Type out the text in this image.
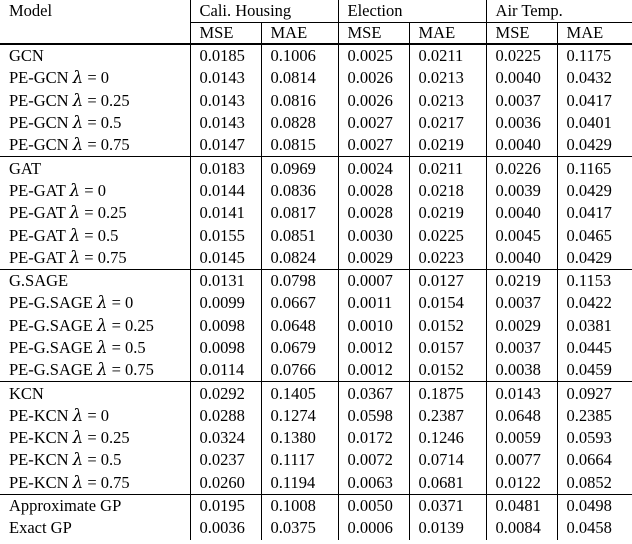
Model	Cali. Housing		Election		Air Temp.	
	MSE	MAE	MSE	MAE	MSE	MAE
GCN	0.0185	0.1006	0.0025	0.0211	0.0225	0.1175
PE-GCN λ = 0	0.0143	0.0814	0.0026	0.0213	0.0040	0.0432
PE-GCN λ = 0.25	0.0143	0.0816	0.0026	0.0213	0.0037	0.0417
PE-GCN λ = 0.5	0.0143	0.0828	0.0027	0.0217	0.0036	0.0401
PE-GCN λ = 0.75	0.0147	0.0815	0.0027	0.0219	0.0040	0.0429
GAT	0.0183	0.0969	0.0024	0.0211	0.0226	0.1165
PE-GAT λ = 0	0.0144	0.0836	0.0028	0.0218	0.0039	0.0429
PE-GAT λ = 0.25	0.0141	0.0817	0.0028	0.0219	0.0040	0.0417
PE-GAT λ = 0.5	0.0155	0.0851	0.0030	0.0225	0.0045	0.0465
PE-GAT λ = 0.75	0.0145	0.0824	0.0029	0.0223	0.0040	0.0429
G.SAGE	0.0131	0.0798	0.0007	0.0127	0.0219	0.1153
PE-G.SAGE λ = 0	0.0099	0.0667	0.0011	0.0154	0.0037	0.0422
PE-G.SAGE λ = 0.25	0.0098	0.0648	0.0010	0.0152	0.0029	0.0381
PE-G.SAGE λ = 0.5	0.0098	0.0679	0.0012	0.0157	0.0037	0.0445
PE-G.SAGE λ = 0.75	0.0114	0.0766	0.0012	0.0152	0.0038	0.0459
KCN	0.0292	0.1405	0.0367	0.1875	0.0143	0.0927
PE-KCN λ = 0	0.0288	0.1274	0.0598	0.2387	0.0648	0.2385
PE-KCN λ = 0.25	0.0324	0.1380	0.0172	0.1246	0.0059	0.0593
PE-KCN λ = 0.5	0.0237	0.1117	0.0072	0.0714	0.0077	0.0664
PE-KCN λ = 0.75	0.0260	0.1194	0.0063	0.0681	0.0122	0.0852
Approximate GP	0.0195	0.1008	0.0050	0.0371	0.0481	0.0498
Exact GP	0.0036	0.0375	0.0006	0.0139	0.0084	0.0458
